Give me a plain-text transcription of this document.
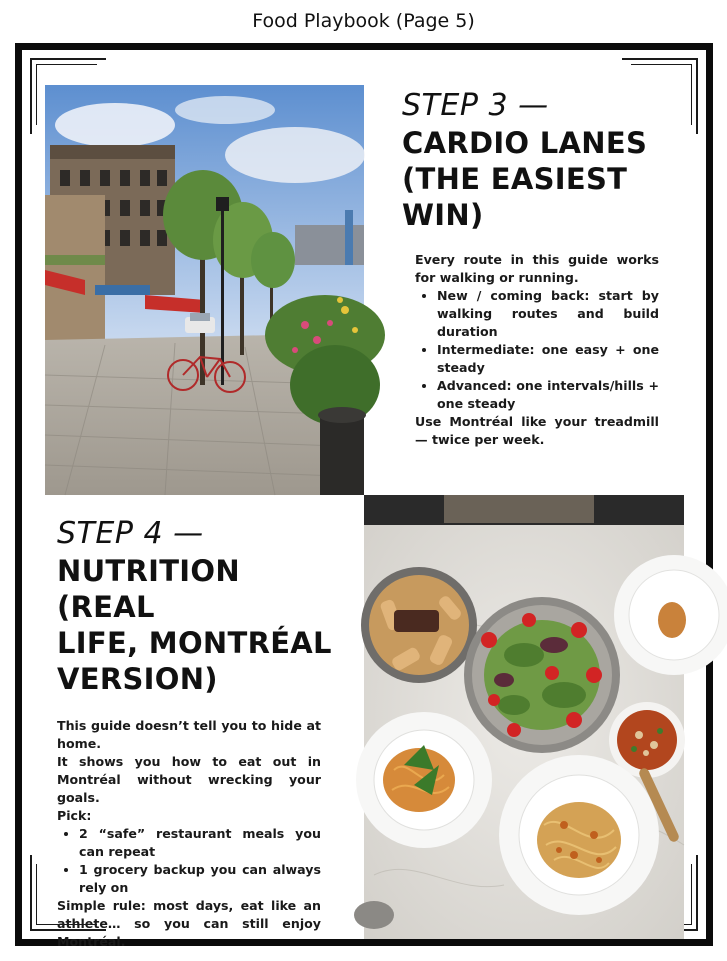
Food Playbook (Page 5)
STEP 3 —
CARDIO LANES
(THE EASIEST
WIN)

Every route in this guide works for walking or running.

• New / coming back: start by walking routes and build duration
• Intermediate: one easy + one steady
• Advanced: one intervals/hills + one steady

Use Montréal like your treadmill — twice per week.

STEP 4 —
NUTRITION (REAL
LIFE, MONTRÉAL
VERSION)

This guide doesn’t tell you to hide at home.

It shows you how to eat out in Montréal without wrecking your goals.

Pick:

• 2 “safe” restaurant meals you can repeat
• 1 grocery backup you can always rely on

Simple rule: most days, eat like an athlete… so you can still enjoy Montréal.
